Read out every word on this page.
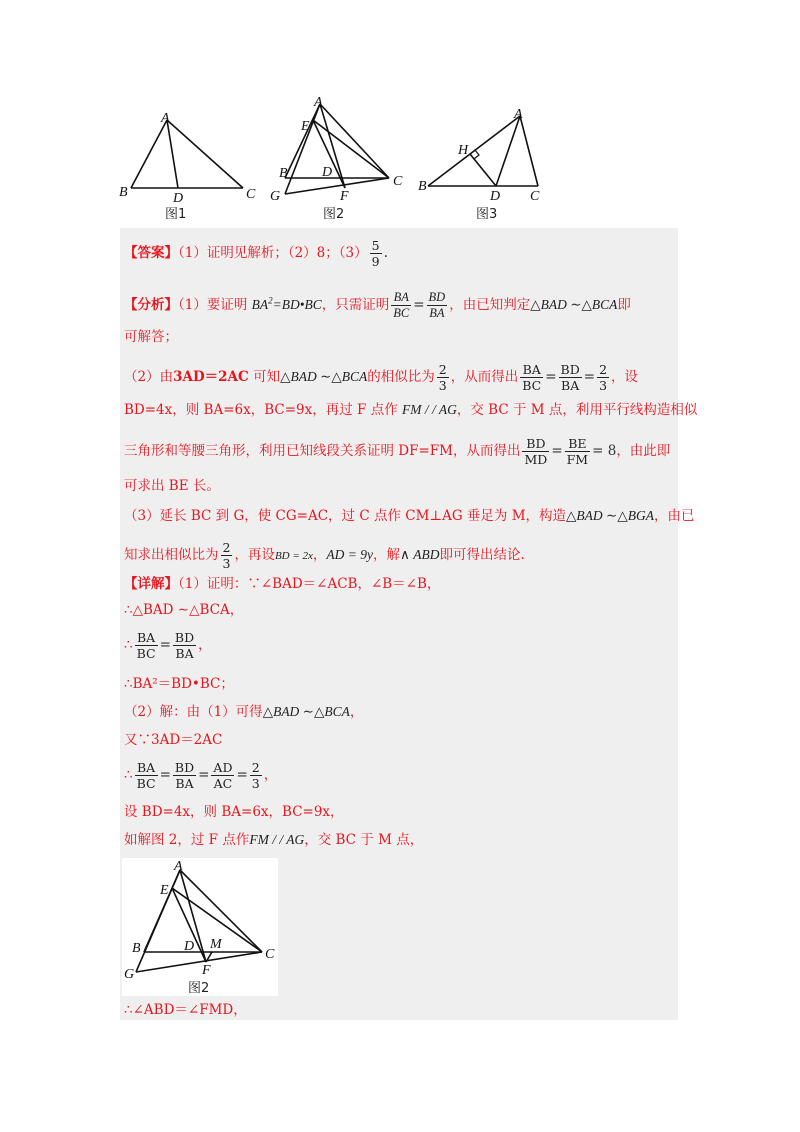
A
B	D	C
图1
A
E
B D
C
G	F
图2
A
H
B
D C
图3
【答案】（1）证明见解析；（2）8；$(3) \frac{5}{9}$ .
【分析】（1）要证明 $BA^2=BD•BC$，只需证明 $\frac{BA}{BC} = \frac{BD}{BA}$ ，由已知判定△BAD ∼△BCA即
可解答；
（2）由3AD＝2AC 可知△BAD ∼△BCA的相似比为 $\frac{2}{3}$ ，从而得出 $\frac{BA}{BC} = \frac{BD}{BA} = \frac{2}{3}$ ，设
BD=4x，则 BA=6x，BC=9x，再过 F 点作 FM / / AG，交 BC 于 M 点，利用平行线构造相似
三角形和等腰三角形，利用已知线段关系证明 DF=FM，从而得出 $\frac{BD}{MD} = \frac{BE}{FM} = 8$，由此即
可求出 BE 长。
（3）延长 BC 到 G，使 CG=AC，过 C 点作 CM⊥AG 垂足为 M，构造△BAD ∼△BGA，由已
知求出相似比为 $\frac{2}{3}$ ，再设BD = 2x，AD = 9y，解∧ ABD即可得出结论.
【详解】（1）证明：∵∠BAD＝∠ACB，∠B＝∠B，
∴△BAD ∼△BCA，
∴ $\frac{BA}{BC} = \frac{BD}{BA}$ ，
∴BA²＝BD•BC；
（2）解：由（1）可得△BAD ∼△BCA，
又∵3AD＝2AC
∴ $\frac{BA}{BC} = \frac{BD}{BA} = \frac{AD}{AC} = \frac{2}{3}$ ，
设 BD=4x，则 BA=6x，BC=9x，
如解图 2，过 F 点作FM / / AG，交 BC 于 M 点，
A
E
B	D M
C
G	F
图2
∴∠ABD＝∠FMD，
